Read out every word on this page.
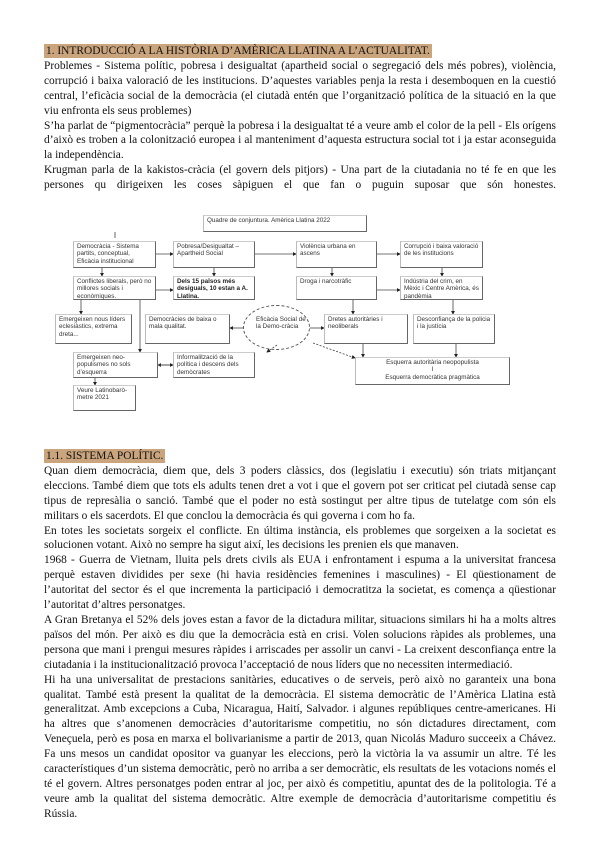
1. INTRODUCCIÓ A LA HISTÒRIA D’AMÈRICA LLATINA A L’ACTUALITAT.

Problemes - Sistema polític, pobresa i desigualtat (apartheid social o segregació dels més pobres), violència, corrupció i baixa valoració de les institucions. D’aquestes variables penja la resta i desemboquen en la cuestió central, l’eficàcia social de la democràcia (el ciutadà entén que l’organització política de la situació en la que viu enfronta els seus problemes)

S’ha parlat de “pigmentocràcia” perquè la pobresa i la desigualtat té a veure amb el color de la pell - Els orígens d’això es troben a la colonització europea i al manteniment d’aquesta estructura social tot i ja estar aconseguida la independència.

Krugman parla de la kakistos-cràcia (el govern dels pitjors) - Una part de la ciutadania no té fe en que les persones qu dirigeixen les coses sàpiguen el que fan o puguin suposar que són honestes.

Quadre de conjuntura. Amèrica Llatina 2022
Democràcia - Sistema partits, conceptual, Eficàcia institucional
Pobresa/Desigualtat – Apartheid Social
Violència urbana en ascens
Corrupció i baixa valoració de les institucions
Conflictes liberals, però no millores socials i econòmiques.
Dels 15 països més desiguals, 10 estan a A. Llatina.
Droga i narcotràfic	Indústria del crim, en Mèxic i Centre Amèrica, és pandèmia
Emergeixen nous líders eclesiàstics, extrema dreta...
Democràcies de baixa o mala qualitat.
Eficàcia Social de la Demo-cràcia
Dretes autoritàries i neoliberals
Desconfiança de la policia i la justícia
Emergeixen neo-populismes no sols d’esquerra
Informalització de la política i descens dels demòcrates
Esquerra autoritària neopopulista
I
Esquerra democràtica pragmàtica
Veure Latinobarò-metre 2021
1.1. SISTEMA POLÍTIC.

Quan diem democràcia, diem que, dels 3 poders clàssics, dos (legislatiu i executiu) són triats mitjançant eleccions. També diem que tots els adults tenen dret a vot i que el govern pot ser criticat pel ciutadà sense cap tipus de represàlia o sanció. També que el poder no està sostingut per altre tipus de tutelatge com són els militars o els sacerdots. El que conclou la democràcia és qui governa i com ho fa.

En totes les societats sorgeix el conflicte. En última instància, els problemes que sorgeixen a la societat es solucionen votant. Això no sempre ha sigut així, les decisions les prenien els que manaven.

1968 - Guerra de Vietnam, lluita pels drets civils als EUA i enfrontament i espuma a la universitat francesa perquè estaven dividides per sexe (hi havia residències femenines i masculines) - El qüestionament de l’autoritat del sector és el que incrementa la participació i democratitza la societat, es comença a qüestionar l’autoritat d’altres personatges.

A Gran Bretanya el 52% dels joves estan a favor de la dictadura militar, situacions similars hi ha a molts altres països del món. Per això es diu que la democràcia està en crisi. Volen solucions ràpides als problemes, una persona que mani i prengui mesures ràpides i arriscades per assolir un canvi - La creixent desconfiança entre la ciutadania i la institucionalització provoca l’acceptació de nous líders que no necessiten intermediació.

Hi ha una universalitat de prestacions sanitàries, educatives o de serveis, però això no garanteix una bona qualitat. També està present la qualitat de la democràcia. El sistema democràtic de l’Amèrica Llatina està generalitzat. Amb excepcions a Cuba, Nicaragua, Haití, Salvador. i algunes repúbliques centre-americanes. Hi ha altres que s’anomenen democràcies d’autoritarisme competitiu, no són dictadures directament, com Veneçuela, però es posa en marxa el bolivarianisme a partir de 2013, quan Nicolás Maduro succeeix a Chávez. Fa uns mesos un candidat opositor va guanyar les eleccions, però la victòria la va assumir un altre. Té les característiques d’un sistema democràtic, però no arriba a ser democràtic, els resultats de les votacions només el té el govern. Altres personatges poden entrar al joc, per això és competitiu, apuntat des de la politologia. Té a veure amb la qualitat del sistema democràtic. Altre exemple de democràcia d’autoritarisme competitiu és Rússia.
